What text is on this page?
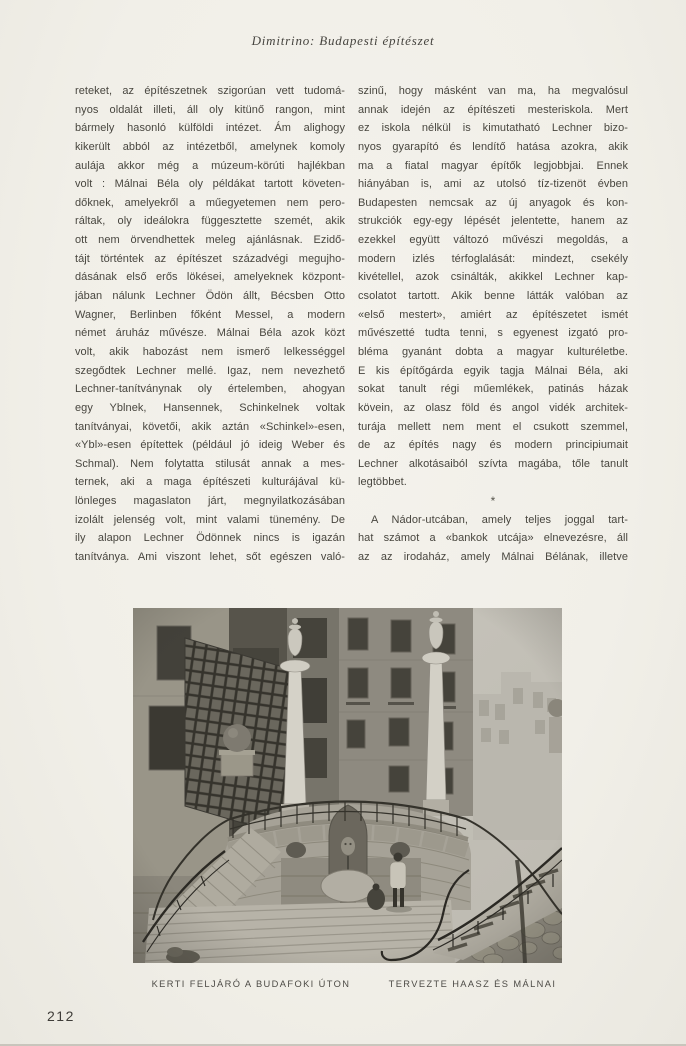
Dimitrino: Budapesti építészet
reteket, az építészetnek szigorúan vett tudomá-
nyos oldalát illeti, áll oly kitünő rangon, mint
bármely hasonló külföldi intézet. Ám alighogy
kikerült abból az intézetből, amelynek komoly
aulája akkor még a múzeum-körúti hajlékban
volt : Málnai Béla oly példákat tartott követen-
dőknek, amelyekről a műegyetemen nem pero-
ráltak, oly ideálokra függesztette szemét, akik
ott nem örvendhettek meleg ajánlásnak. Ezidő-
tájt történtek az építészet századvégi megujho-
dásának első erős lökései, amelyeknek központ-
jában nálunk Lechner Ödön állt, Bécsben Otto
Wagner, Berlinben főként Messel, a modern
német áruház művésze. Málnai Béla azok közt
volt, akik habozást nem ismerő lelkességgel
szegődtek Lechner mellé. Igaz, nem nevezhető
Lechner-tanítványnak oly értelemben, ahogyan
egy Yblnek, Hansennek, Schinkelnek voltak
tanítványai, követői, akik aztán «Schinkel»-esen,
«Ybl»-esen építettek (például jó ideig Weber és
Schmal). Nem folytatta stilusát annak a mes-
ternek, aki a maga építészeti kulturájával kü-
lönleges magaslaton járt, megnyilatkozásában
izolált jelenség volt, mint valami tünemény. De
ily alapon Lechner Ödönnek nincs is igazán
tanítványa. Ami viszont lehet, sőt egészen való-
szinű, hogy másként van ma, ha megvalósul
annak idején az építészeti mesteriskola. Mert
ez iskola nélkül is kimutatható Lechner bizo-
nyos gyarapító és lendítő hatása azokra, akik
ma a fiatal magyar építők legjobbjai. Ennek
hiányában is, ami az utolsó tíz-tizenöt évben
Budapesten nemcsak az új anyagok és kon-
strukciók egy-egy lépését jelentette, hanem az
ezekkel együtt változó művészi megoldás, a
modern izlés térfoglalását: mindezt, csekély
kivétellel, azok csinálták, akikkel Lechner kap-
csolatot tartott. Akik benne látták valóban az
«első mestert», amiért az építészetet ismét
művészetté tudta tenni, s egyenest izgató pro-
bléma gyanánt dobta a magyar kulturéletbe.
E kis építőgárda egyik tagja Málnai Béla, aki
sokat tanult régi műemlékek, patinás házak
kövein, az olasz föld és angol vidék architek-
turája mellett nem ment el csukott szemmel,
de az építés nagy és modern principiumait
Lechner alkotásaiból szívta magába, tőle tanult
legtöbbet.
*
A Nádor-utcában, amely teljes joggal tart-
hat számot a «bankok utcája» elnevezésre, áll
az az irodaház, amely Málnai Bélának, illetve
KERTI FELJÁRÓ A BUDAFOKI ÚTON	TERVEZTE HAASZ ÉS MÁLNAI
212
